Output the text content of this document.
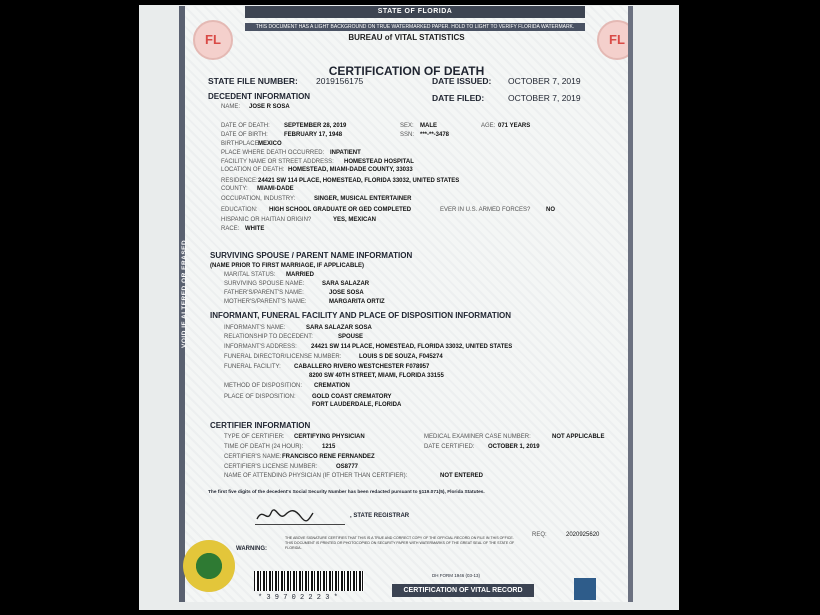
STATE OF FLORIDA
THIS DOCUMENT HAS A LIGHT BACKGROUND ON TRUE WATERMARKED PAPER. HOLD TO LIGHT TO VERIFY FLORIDA WATERMARK.
BUREAU of VITAL STATISTICS
FL	FL
CERTIFICATION OF DEATH
STATE FILE NUMBER: 2019156175	DATE ISSUED: OCTOBER 7, 2019
DATE FILED:	OCTOBER 7, 2019
DECEDENT INFORMATION
NAME: JOSE R SOSA
DATE OF DEATH: SEPTEMBER 28, 2019	SEX: MALE	AGE: 071 YEARS
DATE OF BIRTH:	FEBRUARY 17, 1948	SSN: ***-**-3478
BIRTHPLACE:
MEXICO
PLACE WHERE DEATH OCCURRED: INPATIENT
FACILITY NAME OR STREET ADDRESS: HOMESTEAD HOSPITAL
LOCATION OF DEATH: HOMESTEAD, MIAMI-DADE COUNTY, 33033
RESIDENCE: 24421 SW 114 PLACE, HOMESTEAD, FLORIDA 33032, UNITED STATES
COUNTY: MIAMI-DADE
OCCUPATION, INDUSTRY:	SINGER, MUSICAL ENTERTAINER
EDUCATION: HIGH SCHOOL GRADUATE OR GED COMPLETED	EVER IN U.S. ARMED FORCES?	NO
HISPANIC OR HAITIAN ORIGIN?	YES, MEXICAN
RACE: WHITE
SURVIVING SPOUSE / PARENT NAME INFORMATION
(NAME PRIOR TO FIRST MARRIAGE, IF APPLICABLE)
MARITAL STATUS: MARRIED
SURVIVING SPOUSE NAME:	SARA SALAZAR
FATHER'S/PARENT'S NAME:	JOSE SOSA
MOTHER'S/PARENT'S NAME:	MARGARITA ORTIZ
INFORMANT, FUNERAL FACILITY AND PLACE OF DISPOSITION INFORMATION
INFORMANT'S NAME:	SARA SALAZAR SOSA
RELATIONSHIP TO DECEDENT:	SPOUSE
INFORMANT'S ADDRESS: 24421 SW 114 PLACE, HOMESTEAD, FLORIDA 33032, UNITED STATES
FUNERAL DIRECTOR/LICENSE NUMBER:	LOUIS S DE SOUZA, F045274
FUNERAL FACILITY: CABALLERO RIVERO WESTCHESTER F078957
8200 SW 40TH STREET, MIAMI, FLORIDA 33155
METHOD OF DISPOSITION: CREMATION
PLACE OF DISPOSITION:	GOLD COAST CREMATORY
FORT LAUDERDALE, FLORIDA
CERTIFIER INFORMATION
TYPE OF CERTIFIER: CERTIFYING PHYSICIAN	MEDICAL EXAMINER CASE NUMBER:	NOT APPLICABLE
TIME OF DEATH (24 HOUR):	1215	DATE CERTIFIED: OCTOBER 1, 2019
CERTIFIER'S NAME: FRANCISCO RENE FERNANDEZ
CERTIFIER'S LICENSE NUMBER:	OS8777
NAME OF ATTENDING PHYSICIAN (IF OTHER THAN CERTIFIER):	NOT ENTERED
The first five digits of the decedent's Social Security Number has been redacted pursuant to §119.071(5), Florida Statutes.
, STATE REGISTRAR
REQ:	2020925620
WARNING:
THE ABOVE SIGNATURE CERTIFIES THAT THIS IS A TRUE AND CORRECT COPY OF THE OFFICIAL RECORD ON FILE IN THIS OFFICE. THIS DOCUMENT IS PRINTED OR PHOTOCOPIED ON SECURITY PAPER WITH WATERMARKS OF THE GREAT SEAL OF THE STATE OF FLORIDA.
DH FORM 1946 (03-13)
* 3 9 7 0 2 2 2 3 *
CERTIFICATION OF VITAL RECORD
VOID IF ALTERED OR ERASED
